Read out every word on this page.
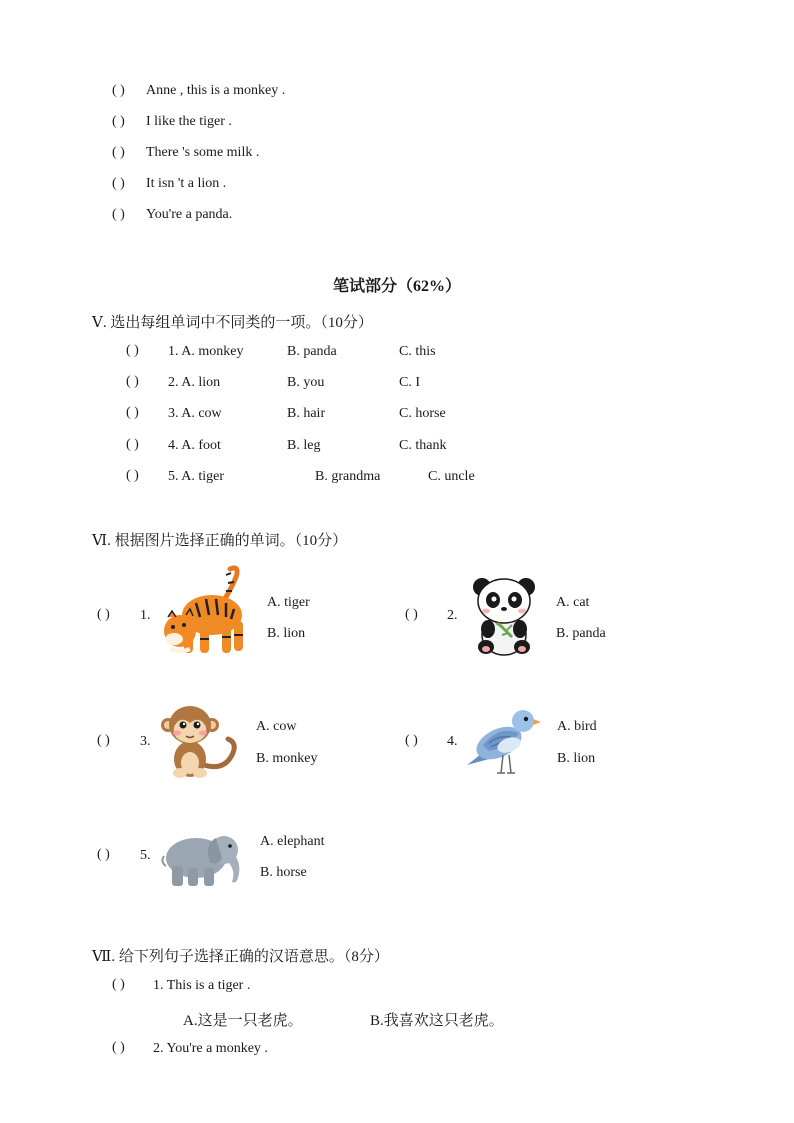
( ) Anne , this is a monkey .
( ) I like the tiger .
( ) There 's some milk .
( ) It isn 't a lion .
( ) You're a panda.
笔试部分（62%）
Ⅴ. 选出每组单词中不同类的一项。（10分）
( ) 1. A. monkey	B. panda	C. this
( ) 2. A. lion	B. you	C. I
( ) 3. A. cow	B. hair	C. horse
( ) 4. A. foot	B. leg	C. thank
( ) 5. A. tiger	B. grandma	C. uncle
Ⅵ. 根据图片选择正确的单词。（10分）
( ) 1.
A. tiger
B. lion
( ) 2.
A. cat
B. panda
( ) 3.
A. cow
B. monkey
( ) 4.
A. bird
B. lion
( ) 5.
A. elephant
B. horse
Ⅶ. 给下列句子选择正确的汉语意思。（8分）
( ) 1. This is a tiger .
A.这是一只老虎。	B.我喜欢这只老虎。
( ) 2. You're a monkey .
